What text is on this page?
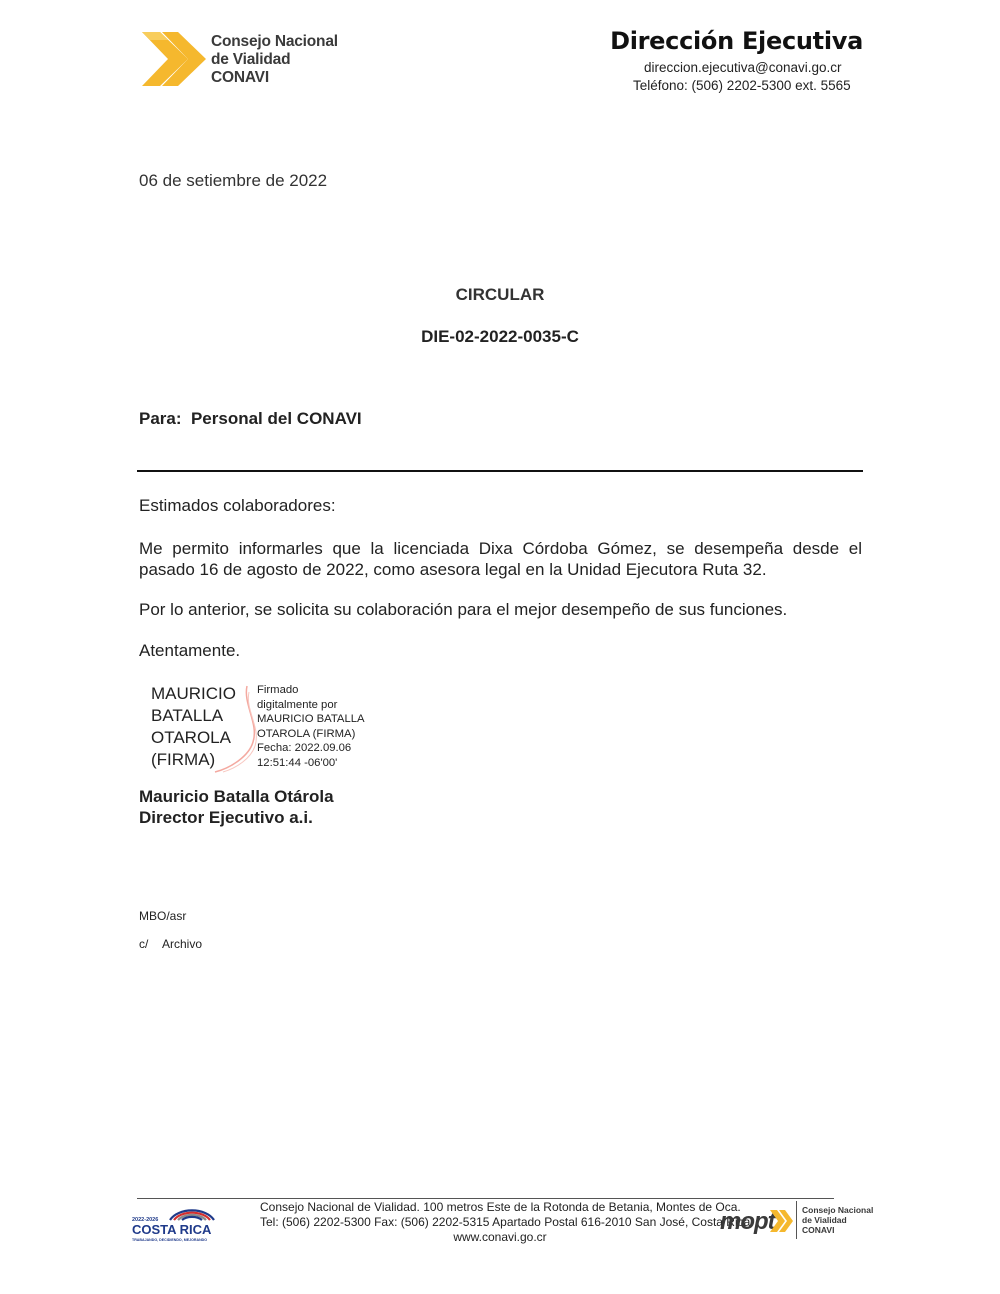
Consejo Nacional
de Vialidad
CONAVI
Dirección Ejecutiva
direccion.ejecutiva@conavi.go.cr
Teléfono: (506) 2202-5300 ext. 5565
06 de setiembre de 2022
CIRCULAR
DIE-02-2022-0035-C
Para:  Personal del CONAVI
Estimados colaboradores:
Me permito informarles que la licenciada Dixa Córdoba Gómez, se desempeña desde el pasado 16 de agosto de 2022, como asesora legal en la Unidad Ejecutora Ruta 32.
Por lo anterior, se solicita su colaboración para el mejor desempeño de sus funciones.
Atentamente.
MAURICIO
BATALLA
OTAROLA
(FIRMA)
Firmado
digitalmente por
MAURICIO BATALLA
OTAROLA (FIRMA)
Fecha: 2022.09.06
12:51:44 -06'00'
Mauricio Batalla Otárola
Director Ejecutivo a.i.
MBO/asr
c/ Archivo
2022-2026
COSTA RICA
TRABAJANDO, DECIDIENDO, MEJORANDO
Consejo Nacional de Vialidad. 100 metros Este de la Rotonda de Betania, Montes de Oca.
Tel: (506) 2202-5300 Fax: (506) 2202-5315 Apartado Postal 616-2010 San José, Costa Rica
www.conavi.go.cr
mopt	Consejo Nacional
de Vialidad
CONAVI
